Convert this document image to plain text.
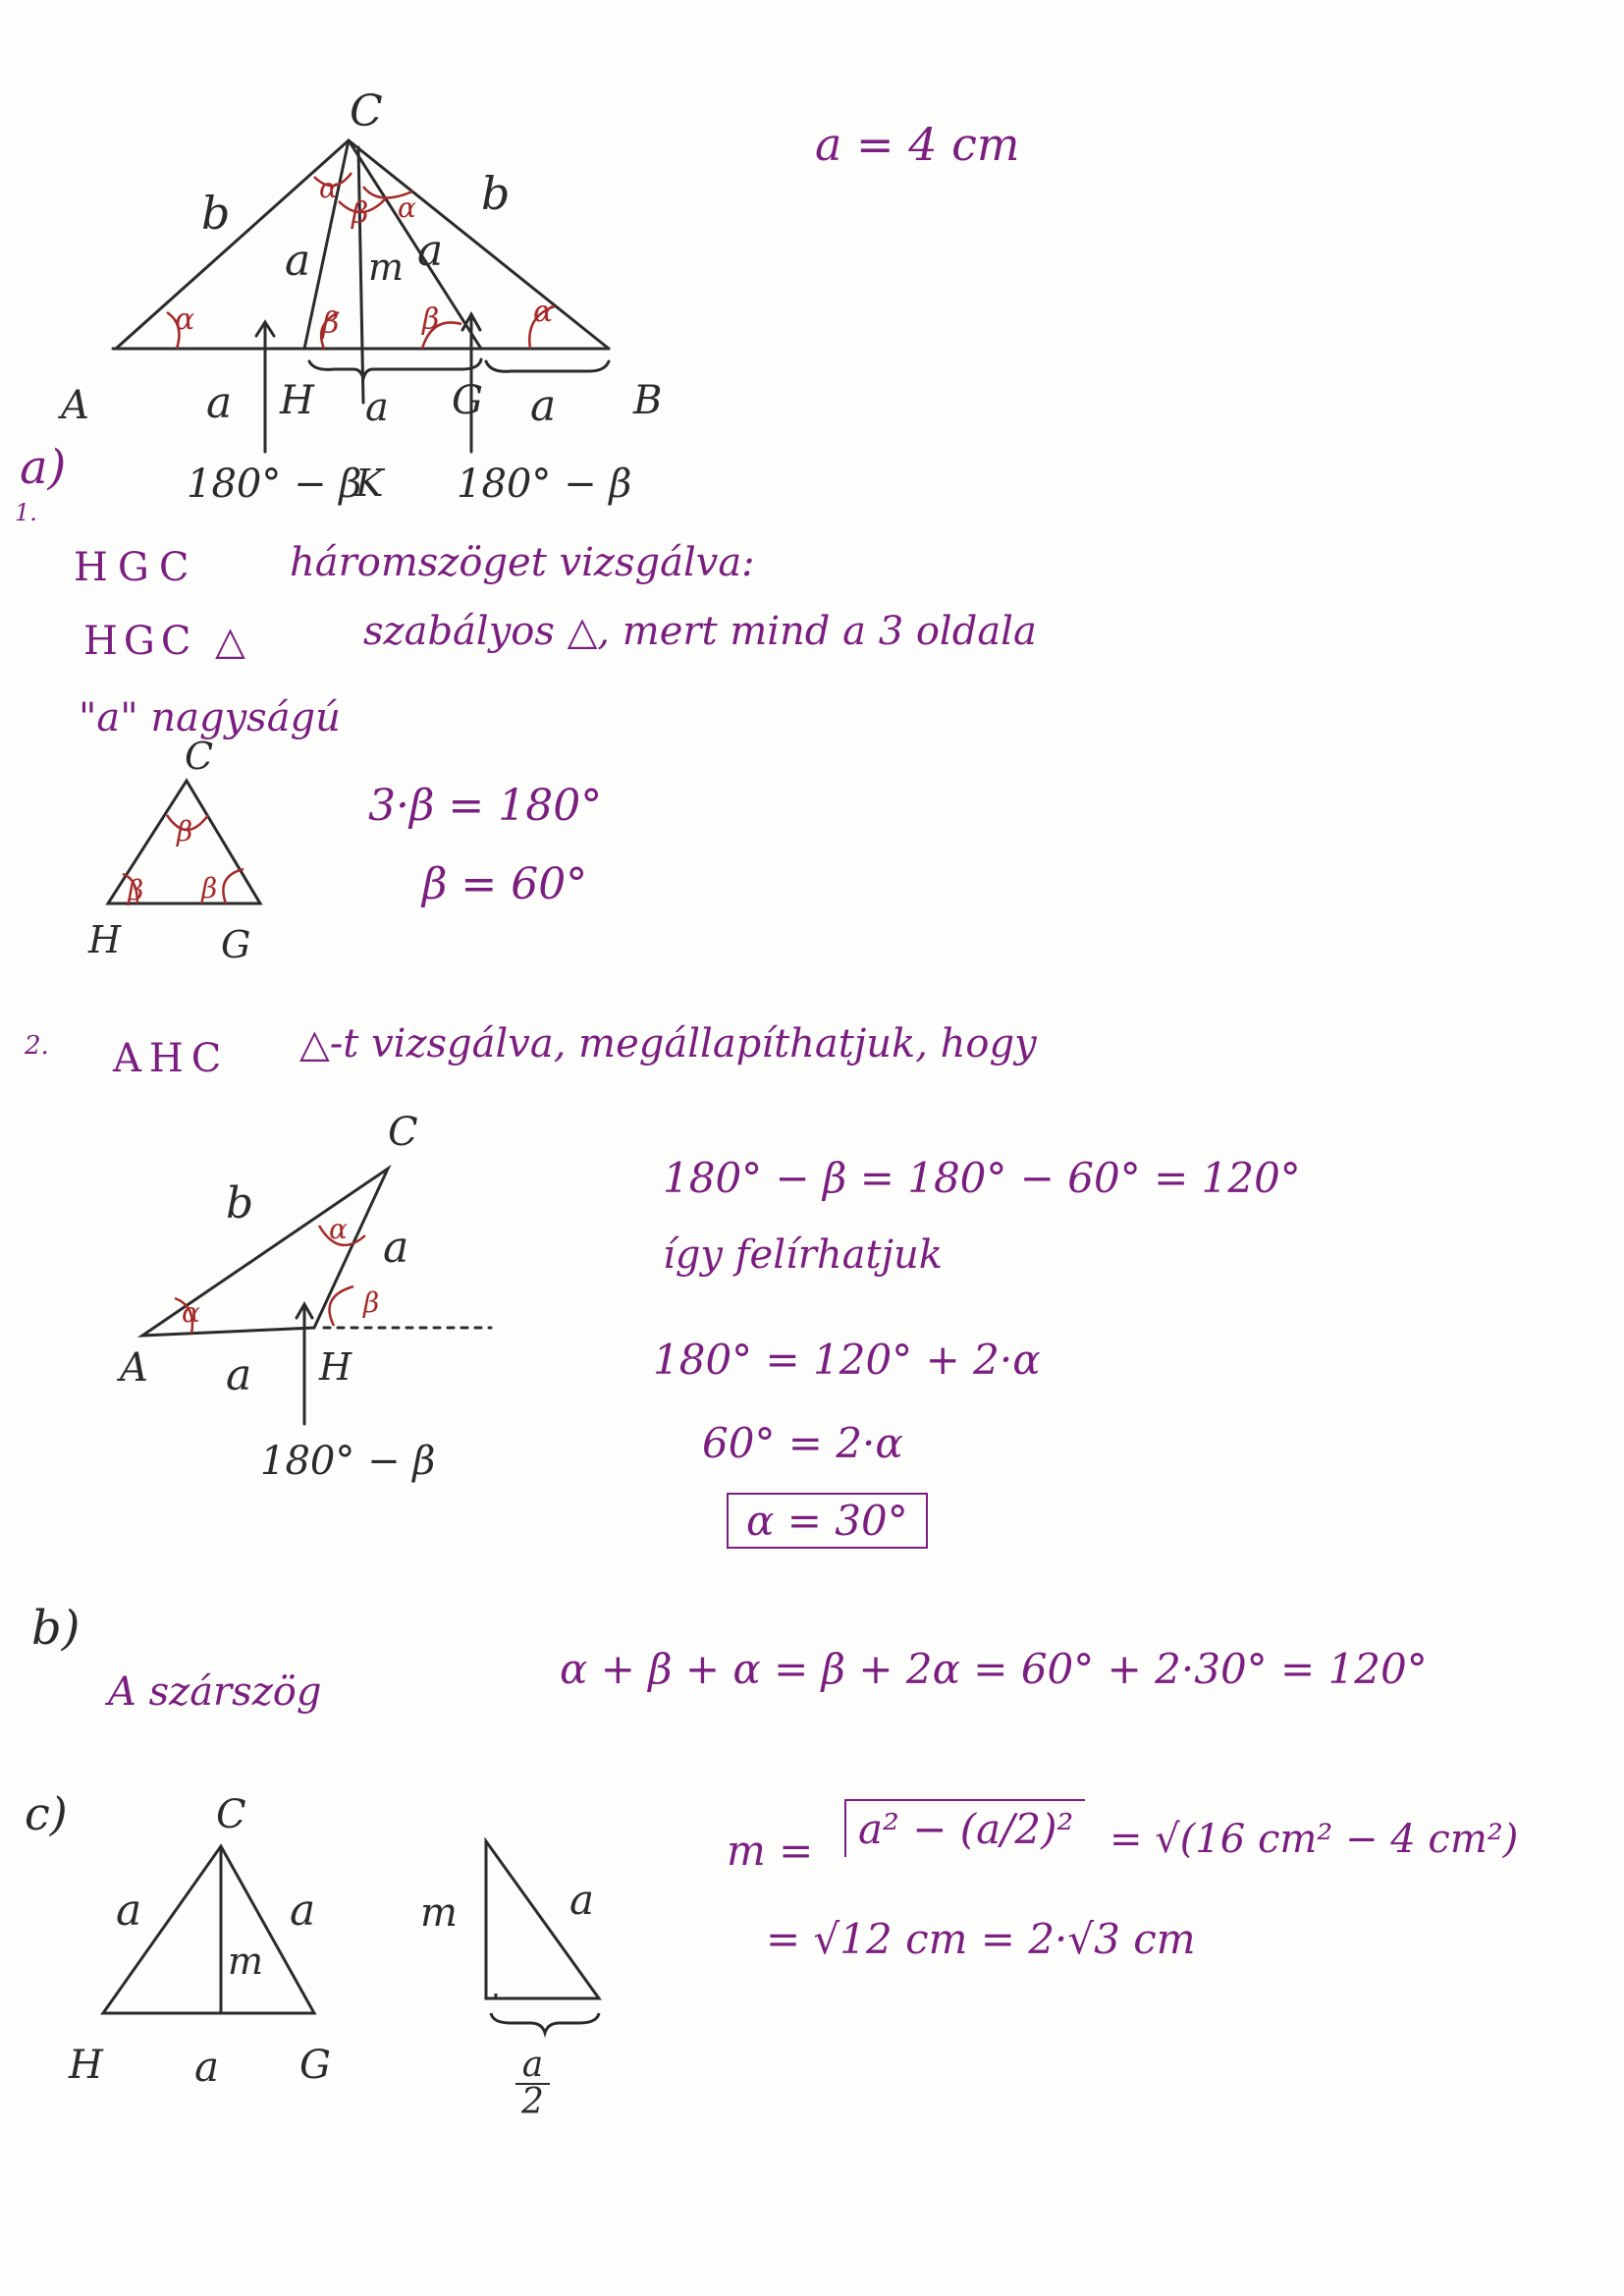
C
b	b
a a
m
α	α
α
α
β
β	β
A	B
a H a G a
180° − β
K 180° − β
a = 4 cm
a)
1.
HGC háromszöget vizsgálva:
HGC △	szabályos △, mert mind a 3 oldala
"a" nagyságú
C
H	G
β
β β
3·β = 180°
β = 60°
2. AHC △-t vizsgálva, megállapíthatjuk, hogy
C
b
a
α
α	β
A a H
180° − β
180° − β = 180° − 60° = 120°
így felírhatjuk
180° = 120° + 2·α
60° = 2·α
α = 30°
b)
A szárszög	α + β + α = β + 2α = 60° + 2·30° = 120°
c)	C
a	a
m
H a G
m	a
$\frac{a}{2}$
m =	a² − (a/2)² = √(16 cm² − 4 cm²)
= √12 cm = 2·√3 cm
